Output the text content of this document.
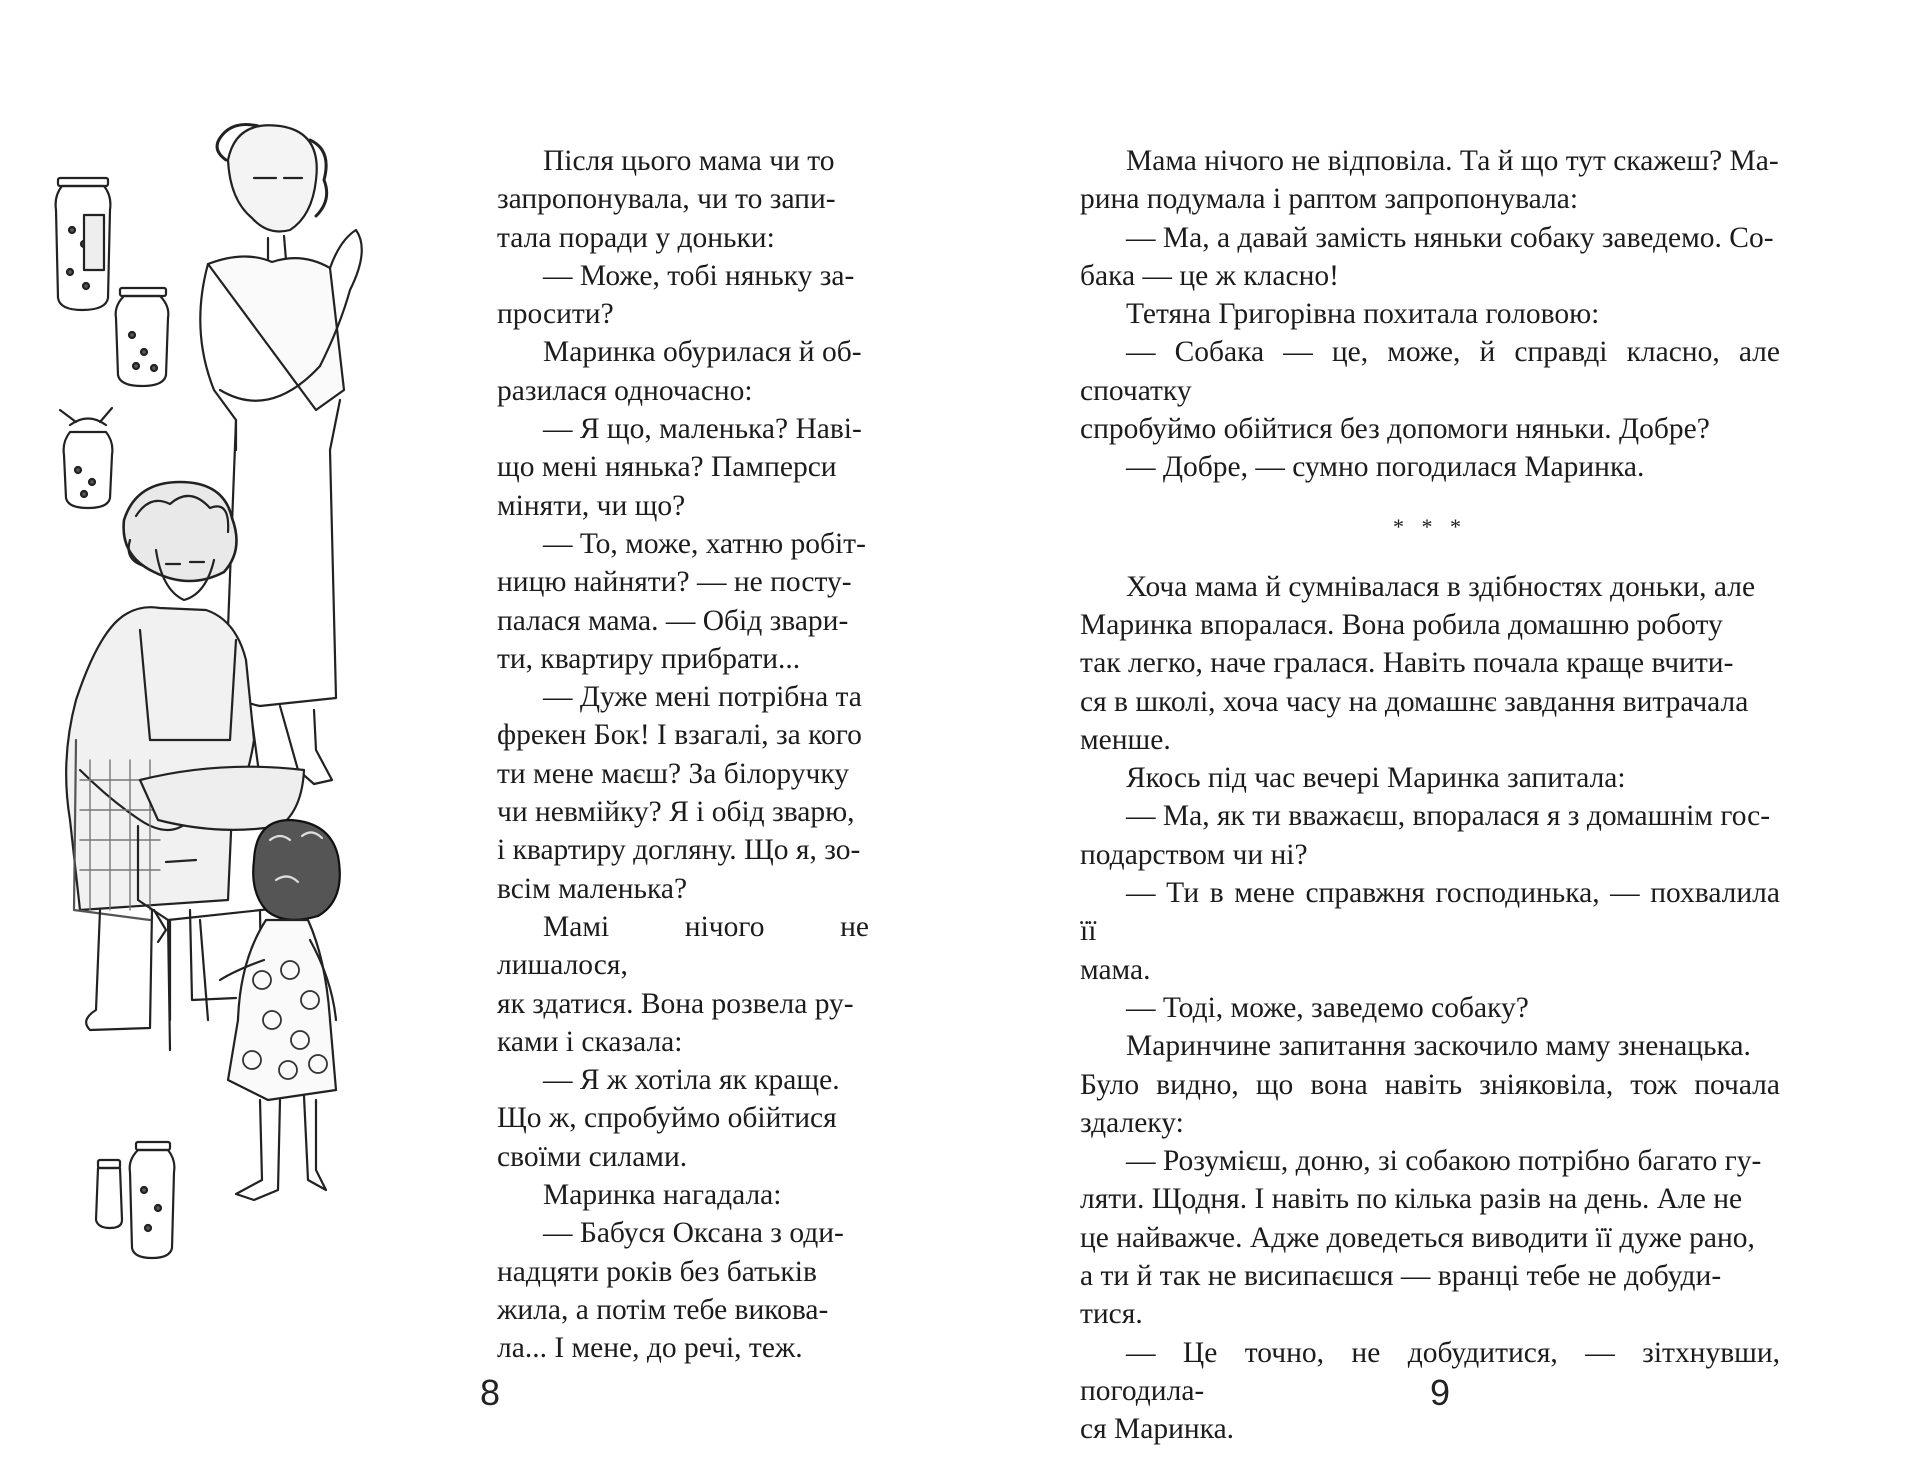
Після цього мама чи то
запропонувала, чи то запи-
тала поради у доньки:

— Може, тобі няньку за-
просити?

Маринка обурилася й об-
разилася одночасно:

— Я що, маленька? Наві-
що мені нянька? Памперси
міняти, чи що?

— То, може, хатню робіт-
ницю найняти? — не посту-
палася мама. — Обід звари-
ти, квартиру прибрати...

— Дуже мені потрібна та
фрекен Бок! І взагалі, за кого
ти мене маєш? За білоручку
чи невмійку? Я і обід зварю,
і квартиру догляну. Що я, зо-
всім маленька?

Мамі нічого не лишалося,
як здатися. Вона розвела ру-
ками і сказала:

— Я ж хотіла як краще.
Що ж, спробуймо обійтися
своїми силами.

Маринка нагадала:

— Бабуся Оксана з оди-
надцяти років без батьків
жила, а потім тебе викова-
ла... І мене, до речі, теж.

8

Мама нічого не відповіла. Та й що тут скажеш? Ма-
рина подумала і раптом запропонувала:

— Ма, а давай замість няньки собаку заведемо. Со-
бака — це ж класно!

Тетяна Григорівна похитала головою:

— Собака — це, може, й справді класно, але спочатку
спробуймо обійтися без допомоги няньки. Добре?

— Добре, — сумно погодилася Маринка.

* * *

Хоча мама й сумнівалася в здібностях доньки, але
Маринка впоралася. Вона робила домашню роботу
так легко, наче гралася. Навіть почала краще вчити-
ся в школі, хоча часу на домашнє завдання витрачала
менше.

Якось під час вечері Маринка запитала:

— Ма, як ти вважаєш, впоралася я з домашнім гос-
подарством чи ні?

— Ти в мене справжня господинька, — похвалила її
мама.

— Тоді, може, заведемо собаку?

Маринчине запитання заскочило маму зненацька.
Було видно, що вона навіть зніяковіла, тож почала здалеку:

— Розумієш, доню, зі собакою потрібно багато гу-
ляти. Щодня. І навіть по кілька разів на день. Але не
це найважче. Адже доведеться виводити її дуже рано,
а ти й так не висипаєшся — вранці тебе не добуди-
тися.

— Це точно, не добудитися, — зітхнувши, погодила-
ся Маринка.

9
